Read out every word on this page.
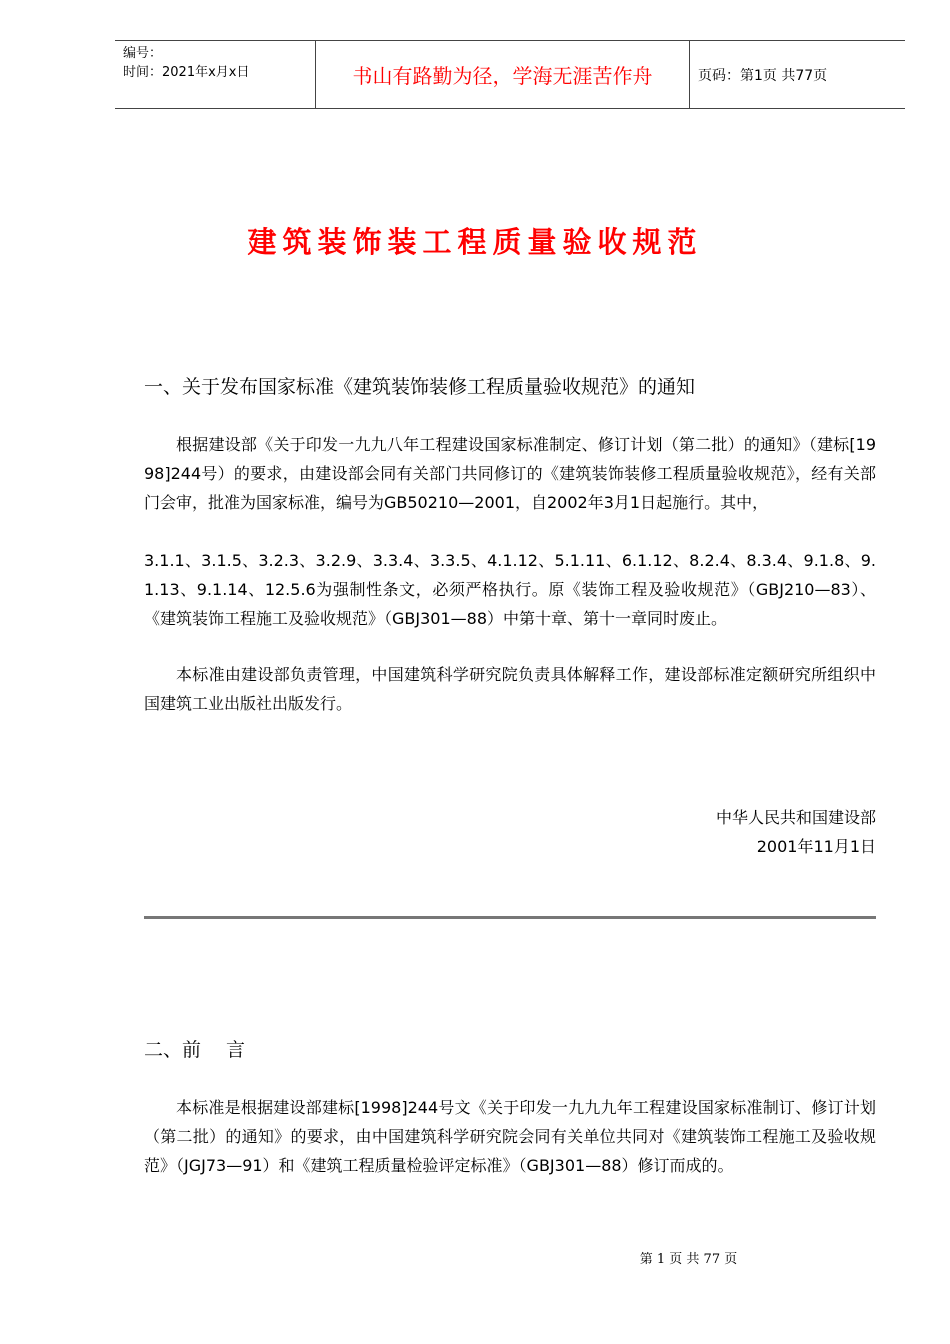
编号：
时间：2021年x月x日	书山有路勤为径，学海无涯苦作舟	页码：第1页 共77页
建筑装饰装工程质量验收规范
一、关于发布国家标准《建筑装饰装修工程质量验收规范》的通知
根据建设部《关于印发一九九八年工程建设国家标准制定、修订计划（第二批）的通知》（建标[1998]244号）的要求，由建设部会同有关部门共同修订的《建筑装饰装修工程质量验收规范》，经有关部门会审，批准为国家标准，编号为GB50210—2001，自2002年3月1日起施行。其中，
3.1.1、3.1.5、3.2.3、3.2.9、3.3.4、3.3.5、4.1.12、5.1.11、6.1.12、8.2.4、8.3.4、9.1.8、9.1.13、9.1.14、12.5.6为强制性条文，必须严格执行。原《装饰工程及验收规范》（GBJ210—83）、《建筑装饰工程施工及验收规范》（GBJ301—88）中第十章、第十一章同时废止。
本标准由建设部负责管理，中国建筑科学研究院负责具体解释工作，建设部标准定额研究所组织中国建筑工业出版社出版发行。
中华人民共和国建设部
2001年11月1日
二、前　 言
本标准是根据建设部建标[1998]244号文《关于印发一九九九年工程建设国家标准制订、修订计划（第二批）的通知》的要求，由中国建筑科学研究院会同有关单位共同对《建筑装饰工程施工及验收规范》（JGJ73—91）和《建筑工程质量检验评定标准》（GBJ301—88）修订而成的。
第 1 页 共 77 页
